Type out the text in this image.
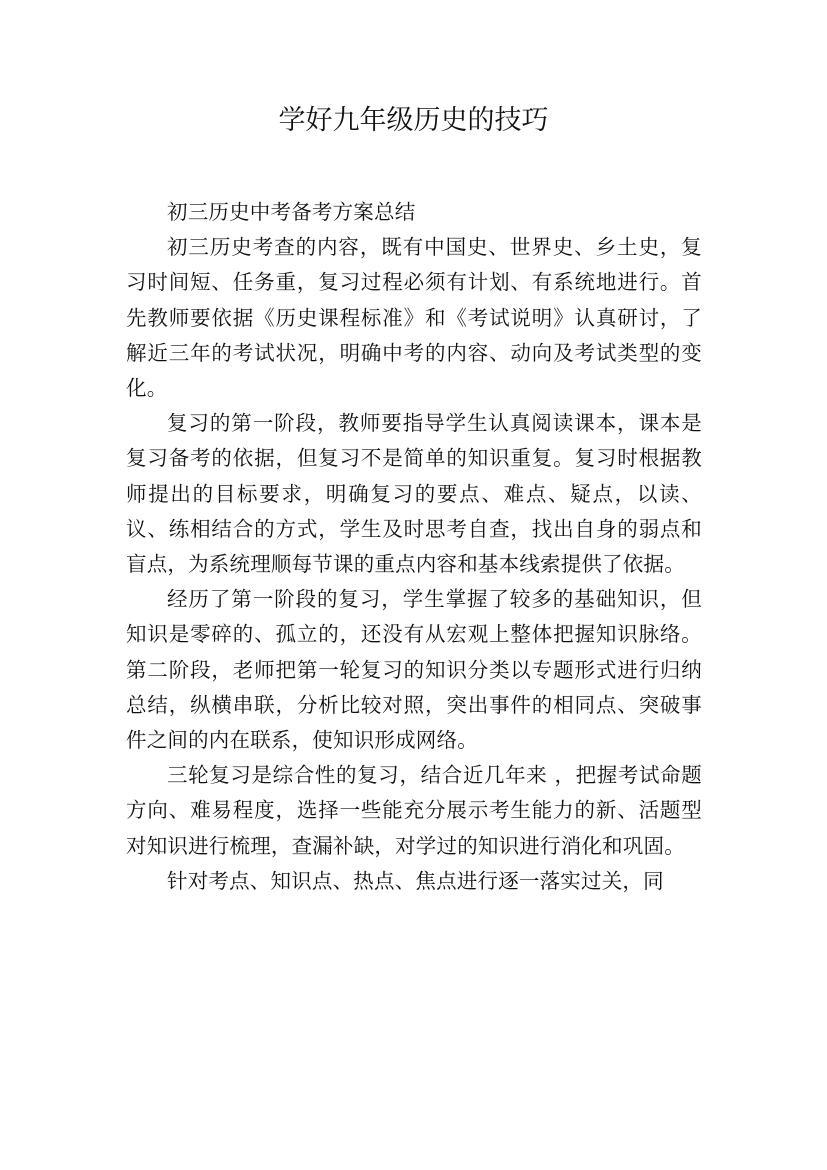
学好九年级历史的技巧

初三历史中考备考方案总结

初三历史考查的内容，既有中国史、世界史、乡土史，复习时间短、任务重，复习过程必须有计划、有系统地进行。首先教师要依据《历史课程标准》和《考试说明》认真研讨，了解近三年的考试状况，明确中考的内容、动向及考试类型的变化。

复习的第一阶段，教师要指导学生认真阅读课本，课本是复习备考的依据，但复习不是简单的知识重复。复习时根据教师提出的目标要求，明确复习的要点、难点、疑点，以读、议、练相结合的方式，学生及时思考自查，找出自身的弱点和盲点，为系统理顺每节课的重点内容和基本线索提供了依据。

经历了第一阶段的复习，学生掌握了较多的基础知识，但知识是零碎的、孤立的，还没有从宏观上整体把握知识脉络。第二阶段，老师把第一轮复习的知识分类以专题形式进行归纳总结，纵横串联，分析比较对照，突出事件的相同点、突破事件之间的内在联系，使知识形成网络。

三轮复习是综合性的复习，结合近几年来 ，把握考试命题方向、难易程度，选择一些能充分展示考生能力的新、活题型对知识进行梳理，查漏补缺，对学过的知识进行消化和巩固。

针对考点、知识点、热点、焦点进行逐一落实过关，同
